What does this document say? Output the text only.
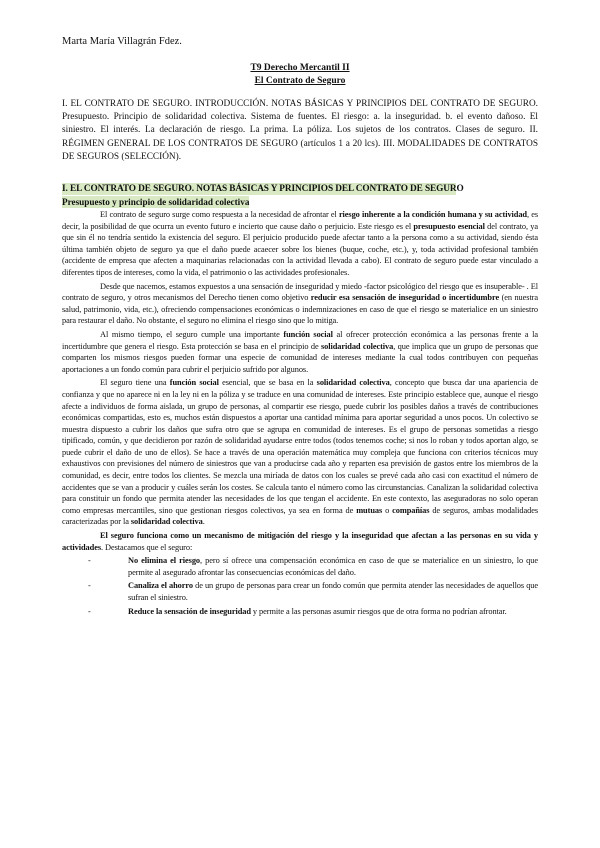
Marta María Villagrán Fdez.
T9 Derecho Mercantil II
El Contrato de Seguro
I. EL CONTRATO DE SEGURO. INTRODUCCIÓN. NOTAS BÁSICAS Y PRINCIPIOS DEL CONTRATO DE SEGURO. Presupuesto. Principio de solidaridad colectiva. Sistema de fuentes. El riesgo: a. la inseguridad. b. el evento dañoso. El siniestro. El interés. La declaración de riesgo. La prima. La póliza. Los sujetos de los contratos. Clases de seguro. II. RÉGIMEN GENERAL DE LOS CONTRATOS DE SEGURO (artículos 1 a 20 lcs). III. MODALIDADES DE CONTRATOS DE SEGUROS (SELECCIÓN).
I. EL CONTRATO DE SEGURO. NOTAS BÁSICAS Y PRINCIPIOS DEL CONTRATO DE SEGURO
Presupuesto y principio de solidaridad colectiva

El contrato de seguro surge como respuesta a la necesidad de afrontar el riesgo inherente a la condición humana y su actividad, es decir, la posibilidad de que ocurra un evento futuro e incierto que cause daño o perjuicio. Este riesgo es el presupuesto esencial del contrato, ya que sin él no tendría sentido la existencia del seguro. El perjuicio producido puede afectar tanto a la persona como a su actividad, siendo ésta última también objeto de seguro ya que el daño puede acaecer sobre los bienes (buque, coche, etc.), y, toda actividad profesional también (accidente de empresa que afecten a maquinarias relacionadas con la actividad llevada a cabo). El contrato de seguro puede estar vinculado a diferentes tipos de intereses, como la vida, el patrimonio o las actividades profesionales.

Desde que nacemos, estamos expuestos a una sensación de inseguridad y miedo -factor psicológico del riesgo que es insuperable- . El contrato de seguro, y otros mecanismos del Derecho tienen como objetivo reducir esa sensación de inseguridad o incertidumbre (en nuestra salud, patrimonio, vida, etc.), ofreciendo compensaciones económicas o indemnizaciones en caso de que el riesgo se materialice en un siniestro para restaurar el daño. No obstante, el seguro no elimina el riesgo sino que lo mitiga.

Al mismo tiempo, el seguro cumple una importante función social al ofrecer protección económica a las personas frente a la incertidumbre que genera el riesgo. Esta protección se basa en el principio de solidaridad colectiva, que implica que un grupo de personas que comparten los mismos riesgos pueden formar una especie de comunidad de intereses mediante la cual todos contribuyen con pequeñas aportaciones a un fondo común para cubrir el perjuicio sufrido por algunos.

El seguro tiene una función social esencial, que se basa en la solidaridad colectiva, concepto que busca dar una apariencia de confianza y que no aparece ni en la ley ni en la póliza y se traduce en una comunidad de intereses. Este principio establece que, aunque el riesgo afecte a individuos de forma aislada, un grupo de personas, al compartir ese riesgo, puede cubrir los posibles daños a través de contribuciones económicas compartidas, esto es, muchos están dispuestos a aportar una cantidad mínima para aportar seguridad a unos pocos. Un colectivo se muestra dispuesto a cubrir los daños que sufra otro que se agrupa en comunidad de intereses. Es el grupo de personas sometidas a riesgo tipificado, común, y que decidieron por razón de solidaridad ayudarse entre todos (todos tenemos coche; si nos lo roban y todos aportan algo, se puede cubrir el daño de uno de ellos). Se hace a través de una operación matemática muy compleja que funciona con criterios técnicos muy exhaustivos con previsiones del número de siniestros que van a producirse cada año y reparten esa previsión de gastos entre los miembros de la comunidad, es decir, entre todos los clientes. Se mezcla una miríada de datos con los cuales se prevé cada año casi con exactitud el número de accidentes que se van a producir y cuáles serán los costes. Se calcula tanto el número como las circunstancias. Canalizan la solidaridad colectiva para constituir un fondo que permita atender las necesidades de los que tengan el accidente. En este contexto, las aseguradoras no solo operan como empresas mercantiles, sino que gestionan riesgos colectivos, ya sea en forma de mutuas o compañías de seguros, ambas modalidades caracterizadas por la solidaridad colectiva.

El seguro funciona como un mecanismo de mitigación del riesgo y la inseguridad que afectan a las personas en su vida y actividades. Destacamos que el seguro:

-	No elimina el riesgo, pero sí ofrece una compensación económica en caso de que se materialice en un siniestro, lo que permite al asegurado afrontar las consecuencias económicas del daño.
-	Canaliza el ahorro de un grupo de personas para crear un fondo común que permita atender las necesidades de aquellos que sufran el siniestro.
-	Reduce la sensación de inseguridad y permite a las personas asumir riesgos que de otra forma no podrían afrontar.
